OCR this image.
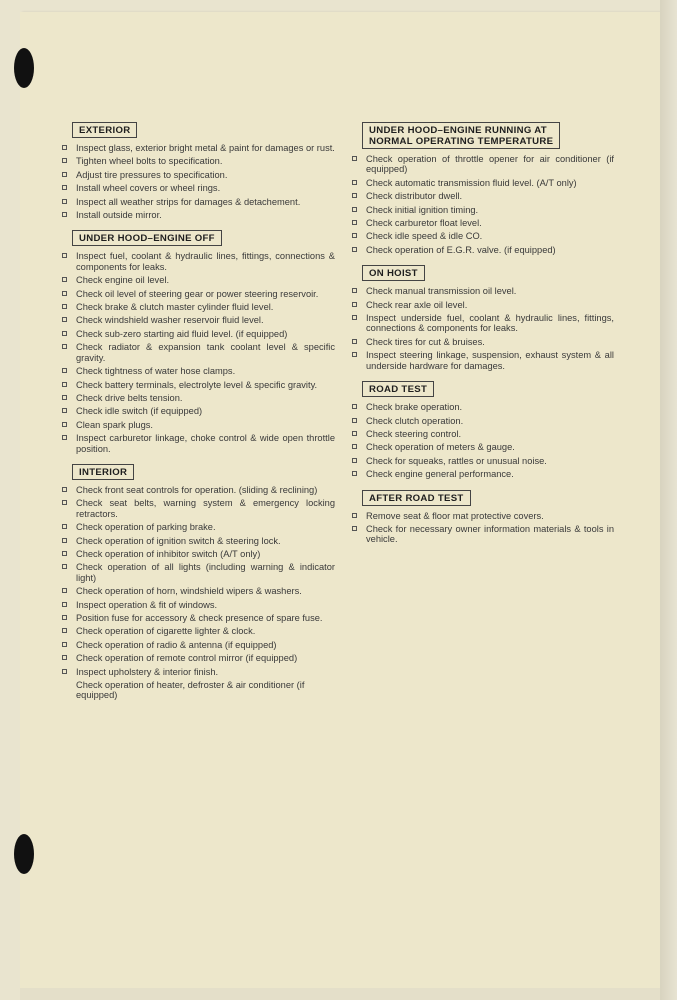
EXTERIOR
Inspect glass, exterior bright metal & paint for damages or rust.
Tighten wheel bolts to specification.
Adjust tire pressures to specification.
Install wheel covers or wheel rings.
Inspect all weather strips for damages & detachement.
Install outside mirror.
UNDER HOOD–ENGINE OFF
Inspect fuel, coolant & hydraulic lines, fittings, connections & components for leaks.
Check engine oil level.
Check oil level of steering gear or power steering reservoir.
Check brake & clutch master cylinder fluid level.
Check windshield washer reservoir fluid level.
Check sub-zero starting aid fluid level. (if equipped)
Check radiator & expansion tank coolant level & specific gravity.
Check tightness of water hose clamps.
Check battery terminals, electrolyte level & specific gravity.
Check drive belts tension.
Check idle switch (if equipped)
Clean spark plugs.
Inspect carburetor linkage, choke control & wide open throttle position.
INTERIOR
Check front seat controls for operation. (sliding & reclining)
Check seat belts, warning system & emergency locking retractors.
Check operation of parking brake.
Check operation of ignition switch & steering lock.
Check operation of inhibitor switch (A/T only)
Check operation of all lights (including warning & indicator light)
Check operation of horn, windshield wipers & washers.
Inspect operation & fit of windows.
Position fuse for accessory & check presence of spare fuse.
Check operation of cigarette lighter & clock.
Check operation of radio & antenna (if equipped)
Check operation of remote control mirror (if equipped)
Inspect upholstery & interior finish.
Check operation of heater, defroster & air conditioner (if equipped)
UNDER HOOD–ENGINE RUNNING AT
NORMAL OPERATING TEMPERATURE
Check operation of throttle opener for air conditioner (if equipped)
Check automatic transmission fluid level. (A/T only)
Check distributor dwell.
Check initial ignition timing.
Check carburetor float level.
Check idle speed & idle CO.
Check operation of E.G.R. valve. (if equipped)
ON HOIST
Check manual transmission oil level.
Check rear axle oil level.
Inspect underside fuel, coolant & hydraulic lines, fittings, connections & components for leaks.
Check tires for cut & bruises.
Inspect steering linkage, suspension, exhaust system & all underside hardware for damages.
ROAD TEST
Check brake operation.
Check clutch operation.
Check steering control.
Check operation of meters & gauge.
Check for squeaks, rattles or unusual noise.
Check engine general performance.
AFTER ROAD TEST
Remove seat & floor mat protective covers.
Check for necessary owner information materials & tools in vehicle.
